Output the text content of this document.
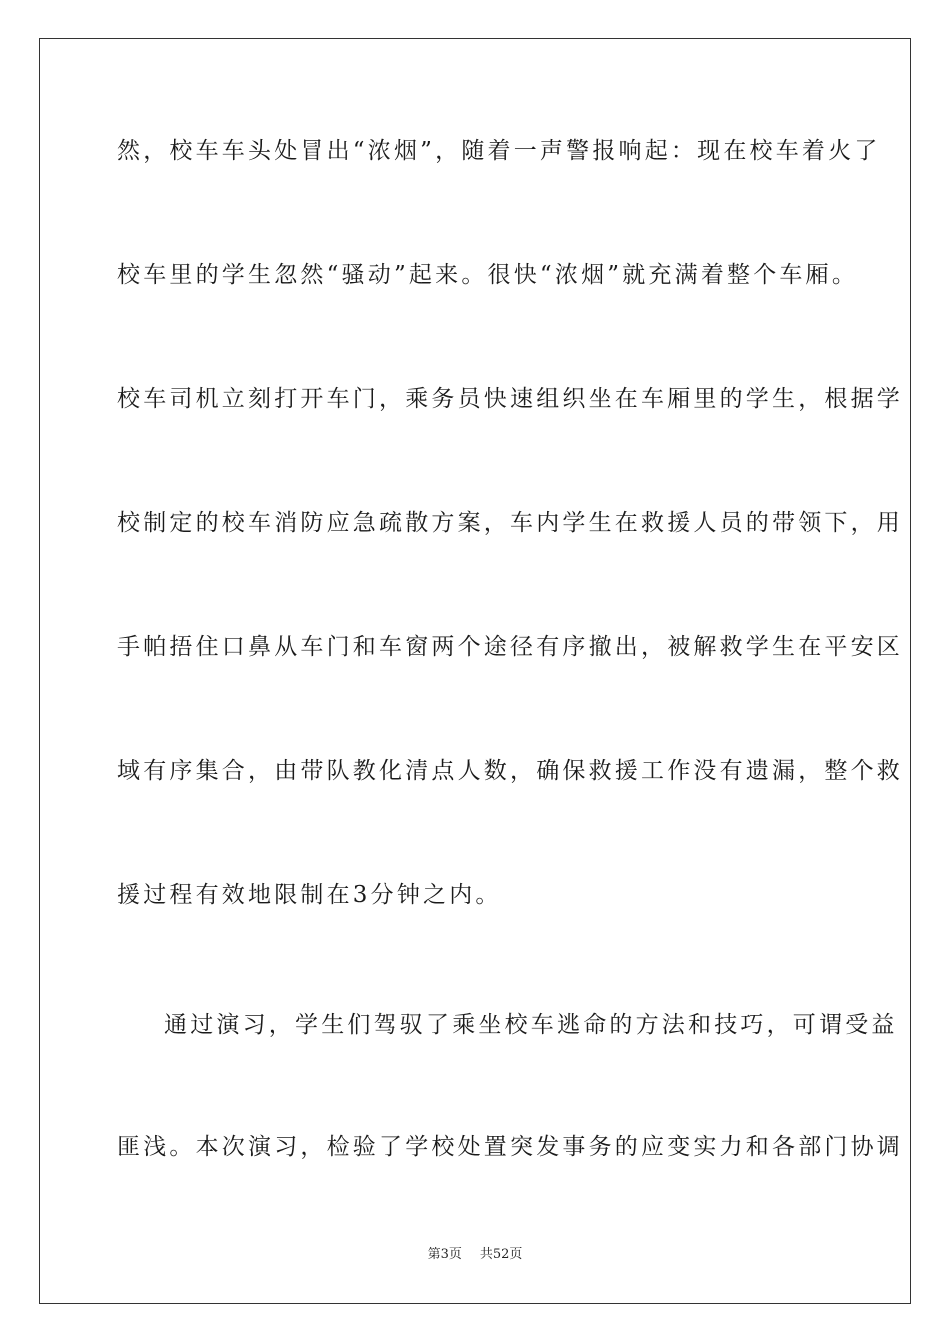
然，校车车头处冒出“浓烟”，随着一声警报响起：现在校车着火了
校车里的学生忽然“骚动”起来。很快“浓烟”就充满着整个车厢。
校车司机立刻打开车门，乘务员快速组织坐在车厢里的学生，根据学
校制定的校车消防应急疏散方案，车内学生在救援人员的带领下，用
手帕捂住口鼻从车门和车窗两个途径有序撤出，被解救学生在平安区
域有序集合，由带队教化清点人数，确保救援工作没有遗漏，整个救
援过程有效地限制在3分钟之内。
通过演习，学生们驾驭了乘坐校车逃命的方法和技巧，可谓受益
匪浅。本次演习，检验了学校处置突发事务的应变实力和各部门协调
第3页 共52页
